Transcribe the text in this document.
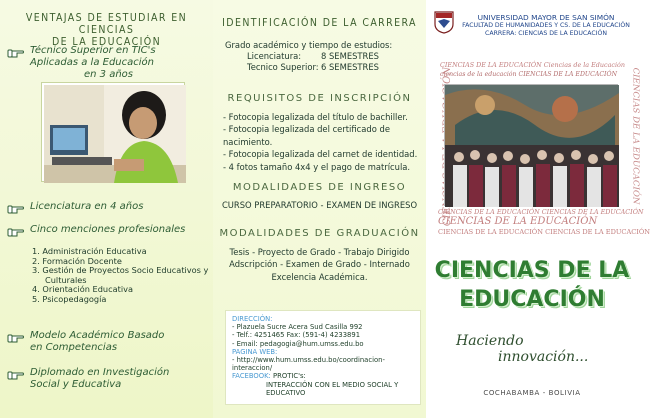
VENTAJAS DE ESTUDIAR EN CIENCIAS
DE LA EDUCACIÓN
Técnico Superior en TIC's
Aplicadas a la Educación
en 3 años
Licenciatura en 4 años
Cinco menciones profesionales
1. Administración Educativa
2. Formación Docente
3. Gestión de Proyectos Socio Educativos y
Culturales
4. Orientación Educativa
5. Psicopedagogía
Modelo Académico Basado
en Competencias
Diplomado en Investigación
Social y Educativa
IDENTIFICACIÓN DE LA CARRERA
Grado académico y tiempo de estudios:
Licenciatura:	8 SEMESTRES
Tecnico Superior: 6 SEMESTRES
REQUISITOS DE INSCRIPCIÓN
- Fotocopia legalizada del título de bachiller.
- Fotocopia legalizada del certificado de nacimiento.
- Fotocopia legalizada del carnet de identidad.
- 4 fotos tamaño 4x4 y el pago de matrícula.
MODALIDADES DE INGRESO
CURSO PREPARATORIO - EXAMEN DE INGRESO
MODALIDADES DE GRADUACIÓN
Tesis - Proyecto de Grado - Trabajo Dirigido
Adscripción - Examen de Grado - Internado
Excelencia Académica.
DIRECCIÓN:
- Plazuela Sucre Acera Sud Casilla 992
- Telf.: 4251465 Fax: (591-4) 4233891
- Email: pedagogia@hum.umss.edu.bo
PAGINA WEB:
- http://www.hum.umss.edu.bo/coordinacion-interaccion/
FACEBOOK: PROTIC's:
INTERACCIÓN CON EL MEDIO SOCIAL Y EDUCATIVO
UNIVERSIDAD MAYOR DE SAN SIMÓN
FACULTAD DE HUMANIDADES Y CS. DE LA EDUCACIÓN
CARRERA: CIENCIAS DE LA EDUCACIÓN
CIENCIAS DE LA EDUCACIÓN Ciencias de la Educación
ciencias de la educación CIENCIAS DE LA EDUCACIÓN CIENCIAS DE LA EDUCACIÓN
CIENCIAS DE LA EDUCACIÓN CIENCIAS DE LA EDUCACIÓN
CIENCIAS DE LA EDUCACIÓN
CIENCIAS DE LA EDUCACIÓN CIENCIAS DE LA EDUCACIÓN
CIENCIAS DE LA
EDUCACIÓN
Haciendo
innovación...
COCHABAMBA - BOLIVIA
